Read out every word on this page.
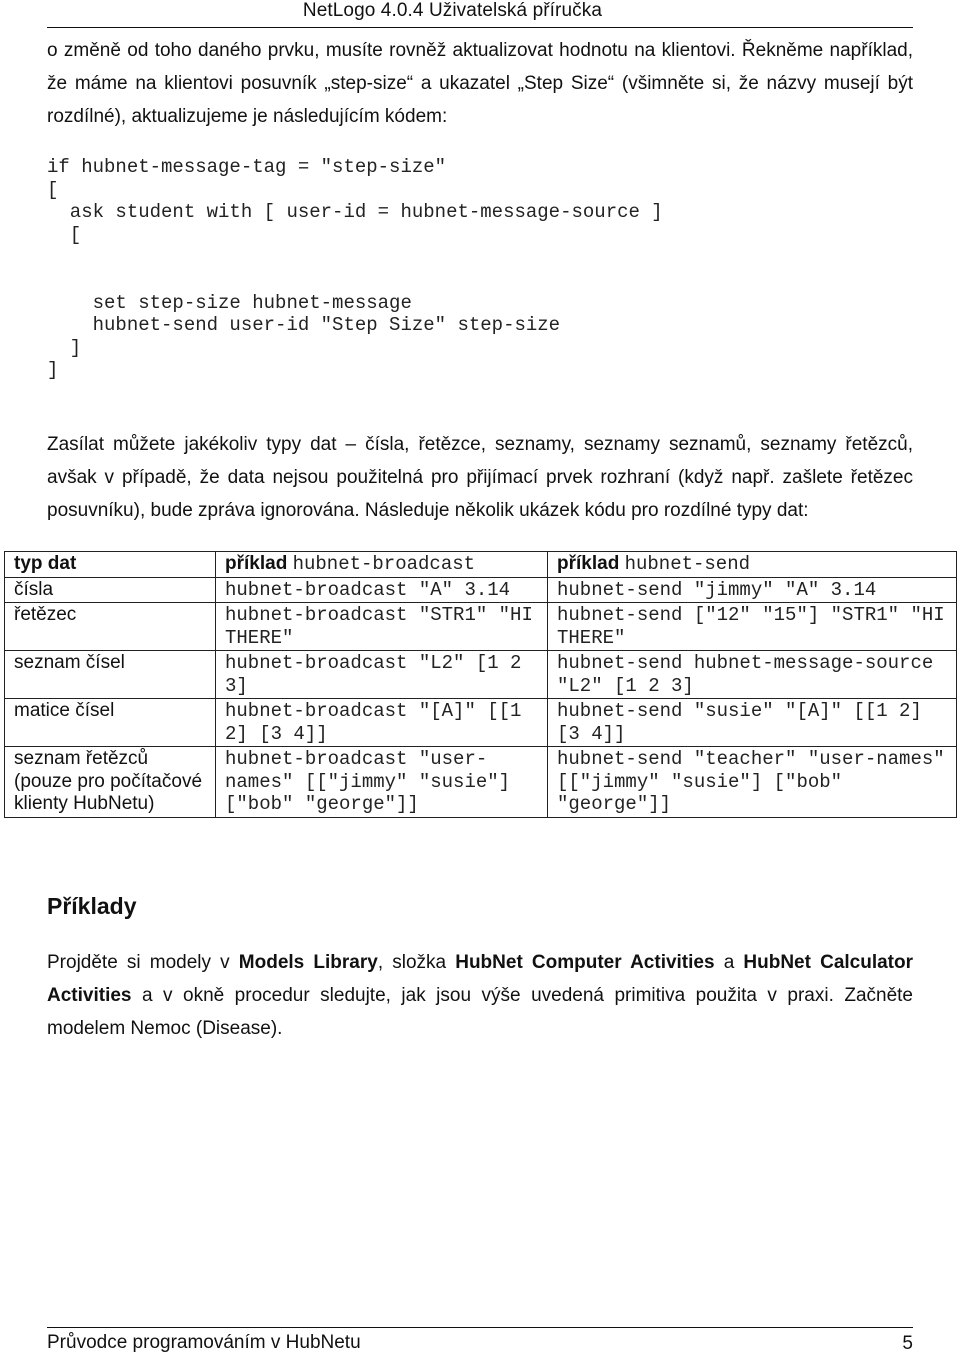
NetLogo 4.0.4 Uživatelská příručka

o změně od toho daného prvku, musíte rovněž aktualizovat hodnotu na klientovi. Řekněme například, že máme na klientovi posuvník „step-size“ a ukazatel „Step Size“ (všimněte si, že názvy musejí být rozdílné), aktualizujeme je následujícím kódem:

if hubnet-message-tag = "step-size"

[

ask student with [ user-id = hubnet-message-source ]

[

set step-size hubnet-message

hubnet-send user-id "Step Size" step-size

]

]

Zasílat můžete jakékoliv typy dat – čísla, řetězce, seznamy, seznamy seznamů, seznamy řetězců, avšak v případě, že data nejsou použitelná pro přijímací prvek rozhraní (když např. zašlete řetězec posuvníku), bude zpráva ignorována. Následuje několik ukázek kódu pro rozdílné typy dat:

typ dat	příklad hubnet-broadcast	příklad hubnet-send
čísla	hubnet-broadcast "A" 3.14	hubnet-send "jimmy" "A" 3.14
řetězec	hubnet-broadcast "STR1" "HI THERE"	hubnet-send ["12" "15"] "STR1" "HI THERE"
seznam čísel	hubnet-broadcast "L2" [1 2 3]	hubnet-send hubnet-message-source "L2" [1 2 3]
matice čísel	hubnet-broadcast "[A]" [[1 2] [3 4]]	hubnet-send "susie" "[A]" [[1 2] [3 4]]
seznam řetězců (pouze pro počítačové klienty HubNetu)	hubnet-broadcast "user-names" [["jimmy" "susie"] ["bob" "george"]]	hubnet-send "teacher" "user-names" [["jimmy" "susie"] ["bob" "george"]]
Příklady

Projděte si modely v Models Library, složka HubNet Computer Activities a HubNet Calculator Activities a v okně procedur sledujte, jak jsou výše uvedená primitiva použita v praxi. Začněte modelem Nemoc (Disease).

Průvodce programováním v HubNetu	5
